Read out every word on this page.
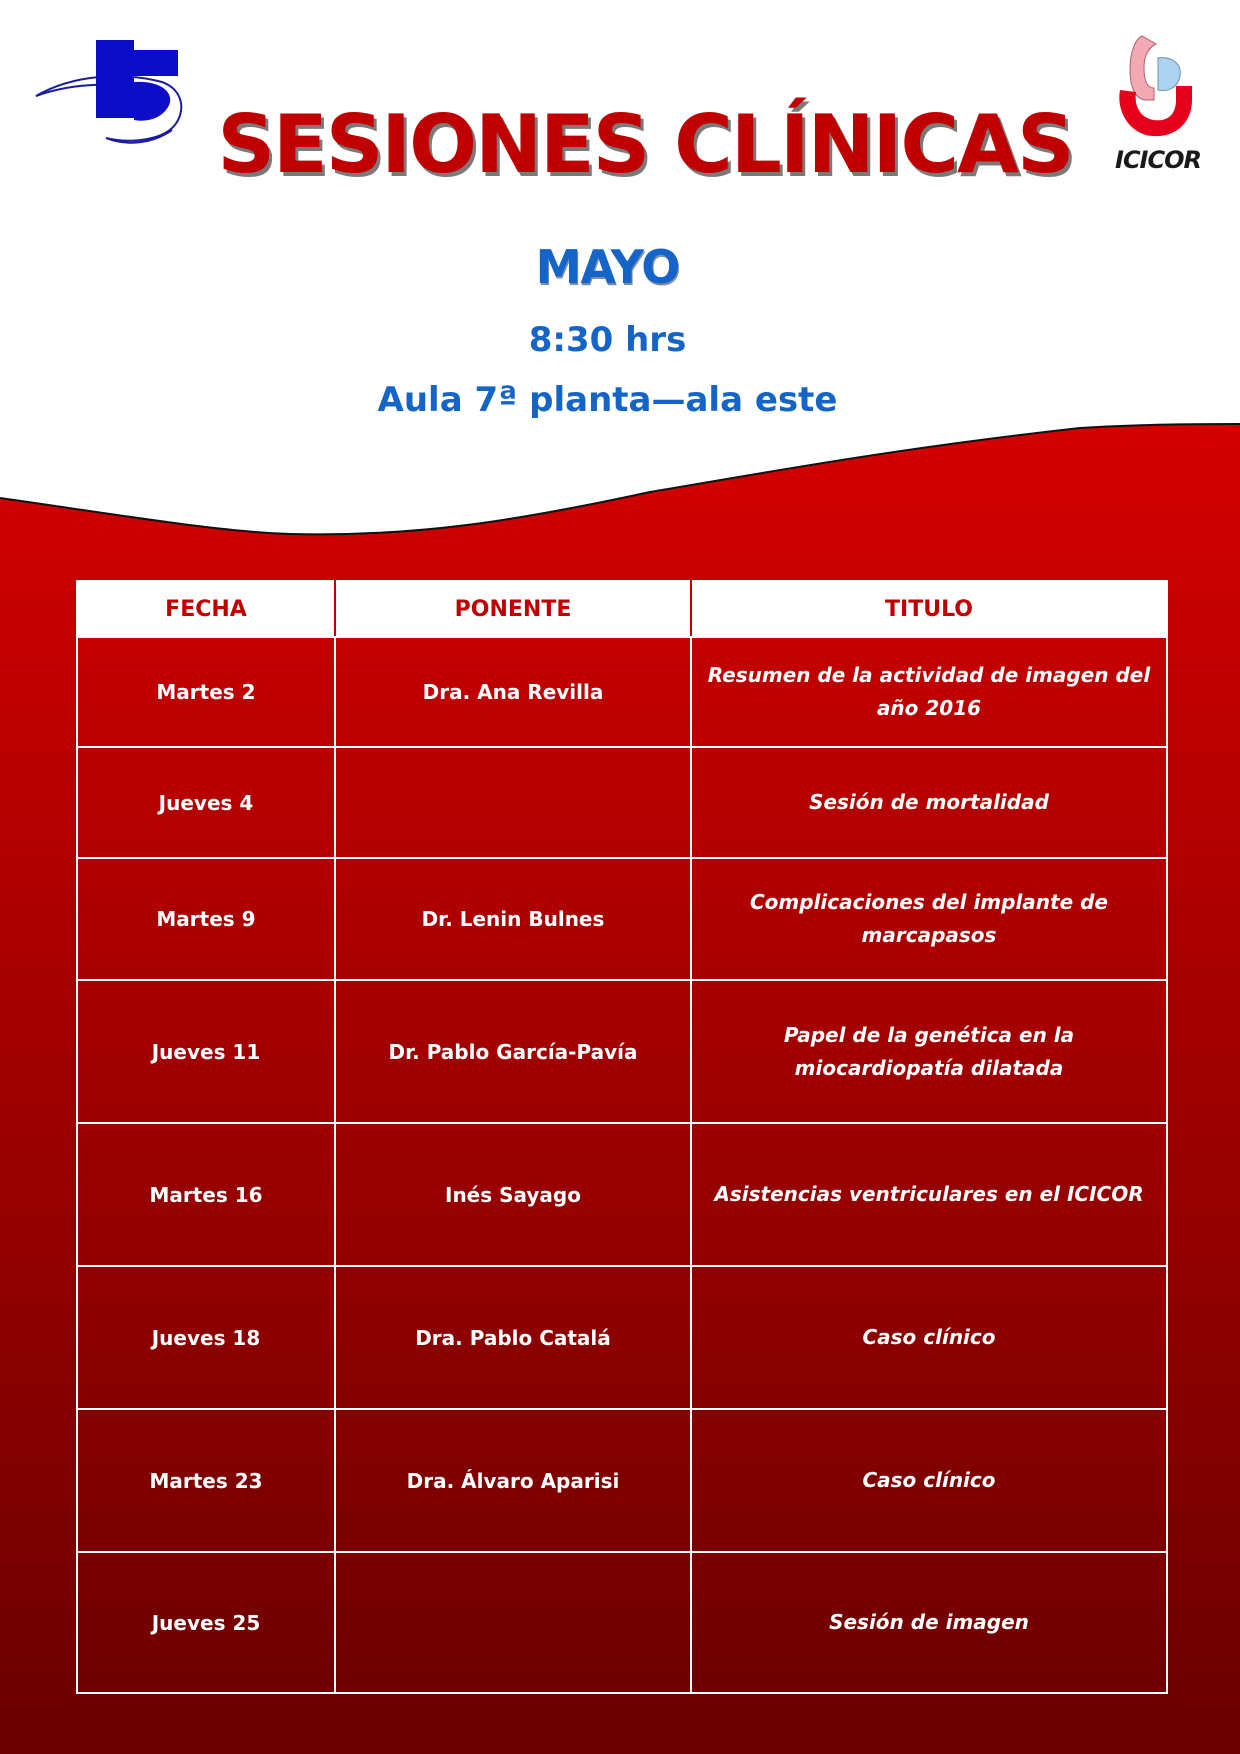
ICICOR
SESIONES CLÍNICAS
MAYO
8:30 hrs
Aula 7ª planta—ala este
FECHA	PONENTE	TITULO
Martes 2	Dra. Ana Revilla	Resumen de la actividad de imagen del año 2016
Jueves 4		Sesión de mortalidad
Martes 9	Dr. Lenin Bulnes	Complicaciones del implante de marcapasos
Jueves 11	Dr. Pablo García-Pavía	Papel de la genética en la miocardiopatía dilatada
Martes 16	Inés Sayago	Asistencias ventriculares en el ICICOR
Jueves 18	Dra. Pablo Catalá	Caso clínico
Martes 23	Dra. Álvaro Aparisi	Caso clínico
Jueves 25		Sesión de imagen
